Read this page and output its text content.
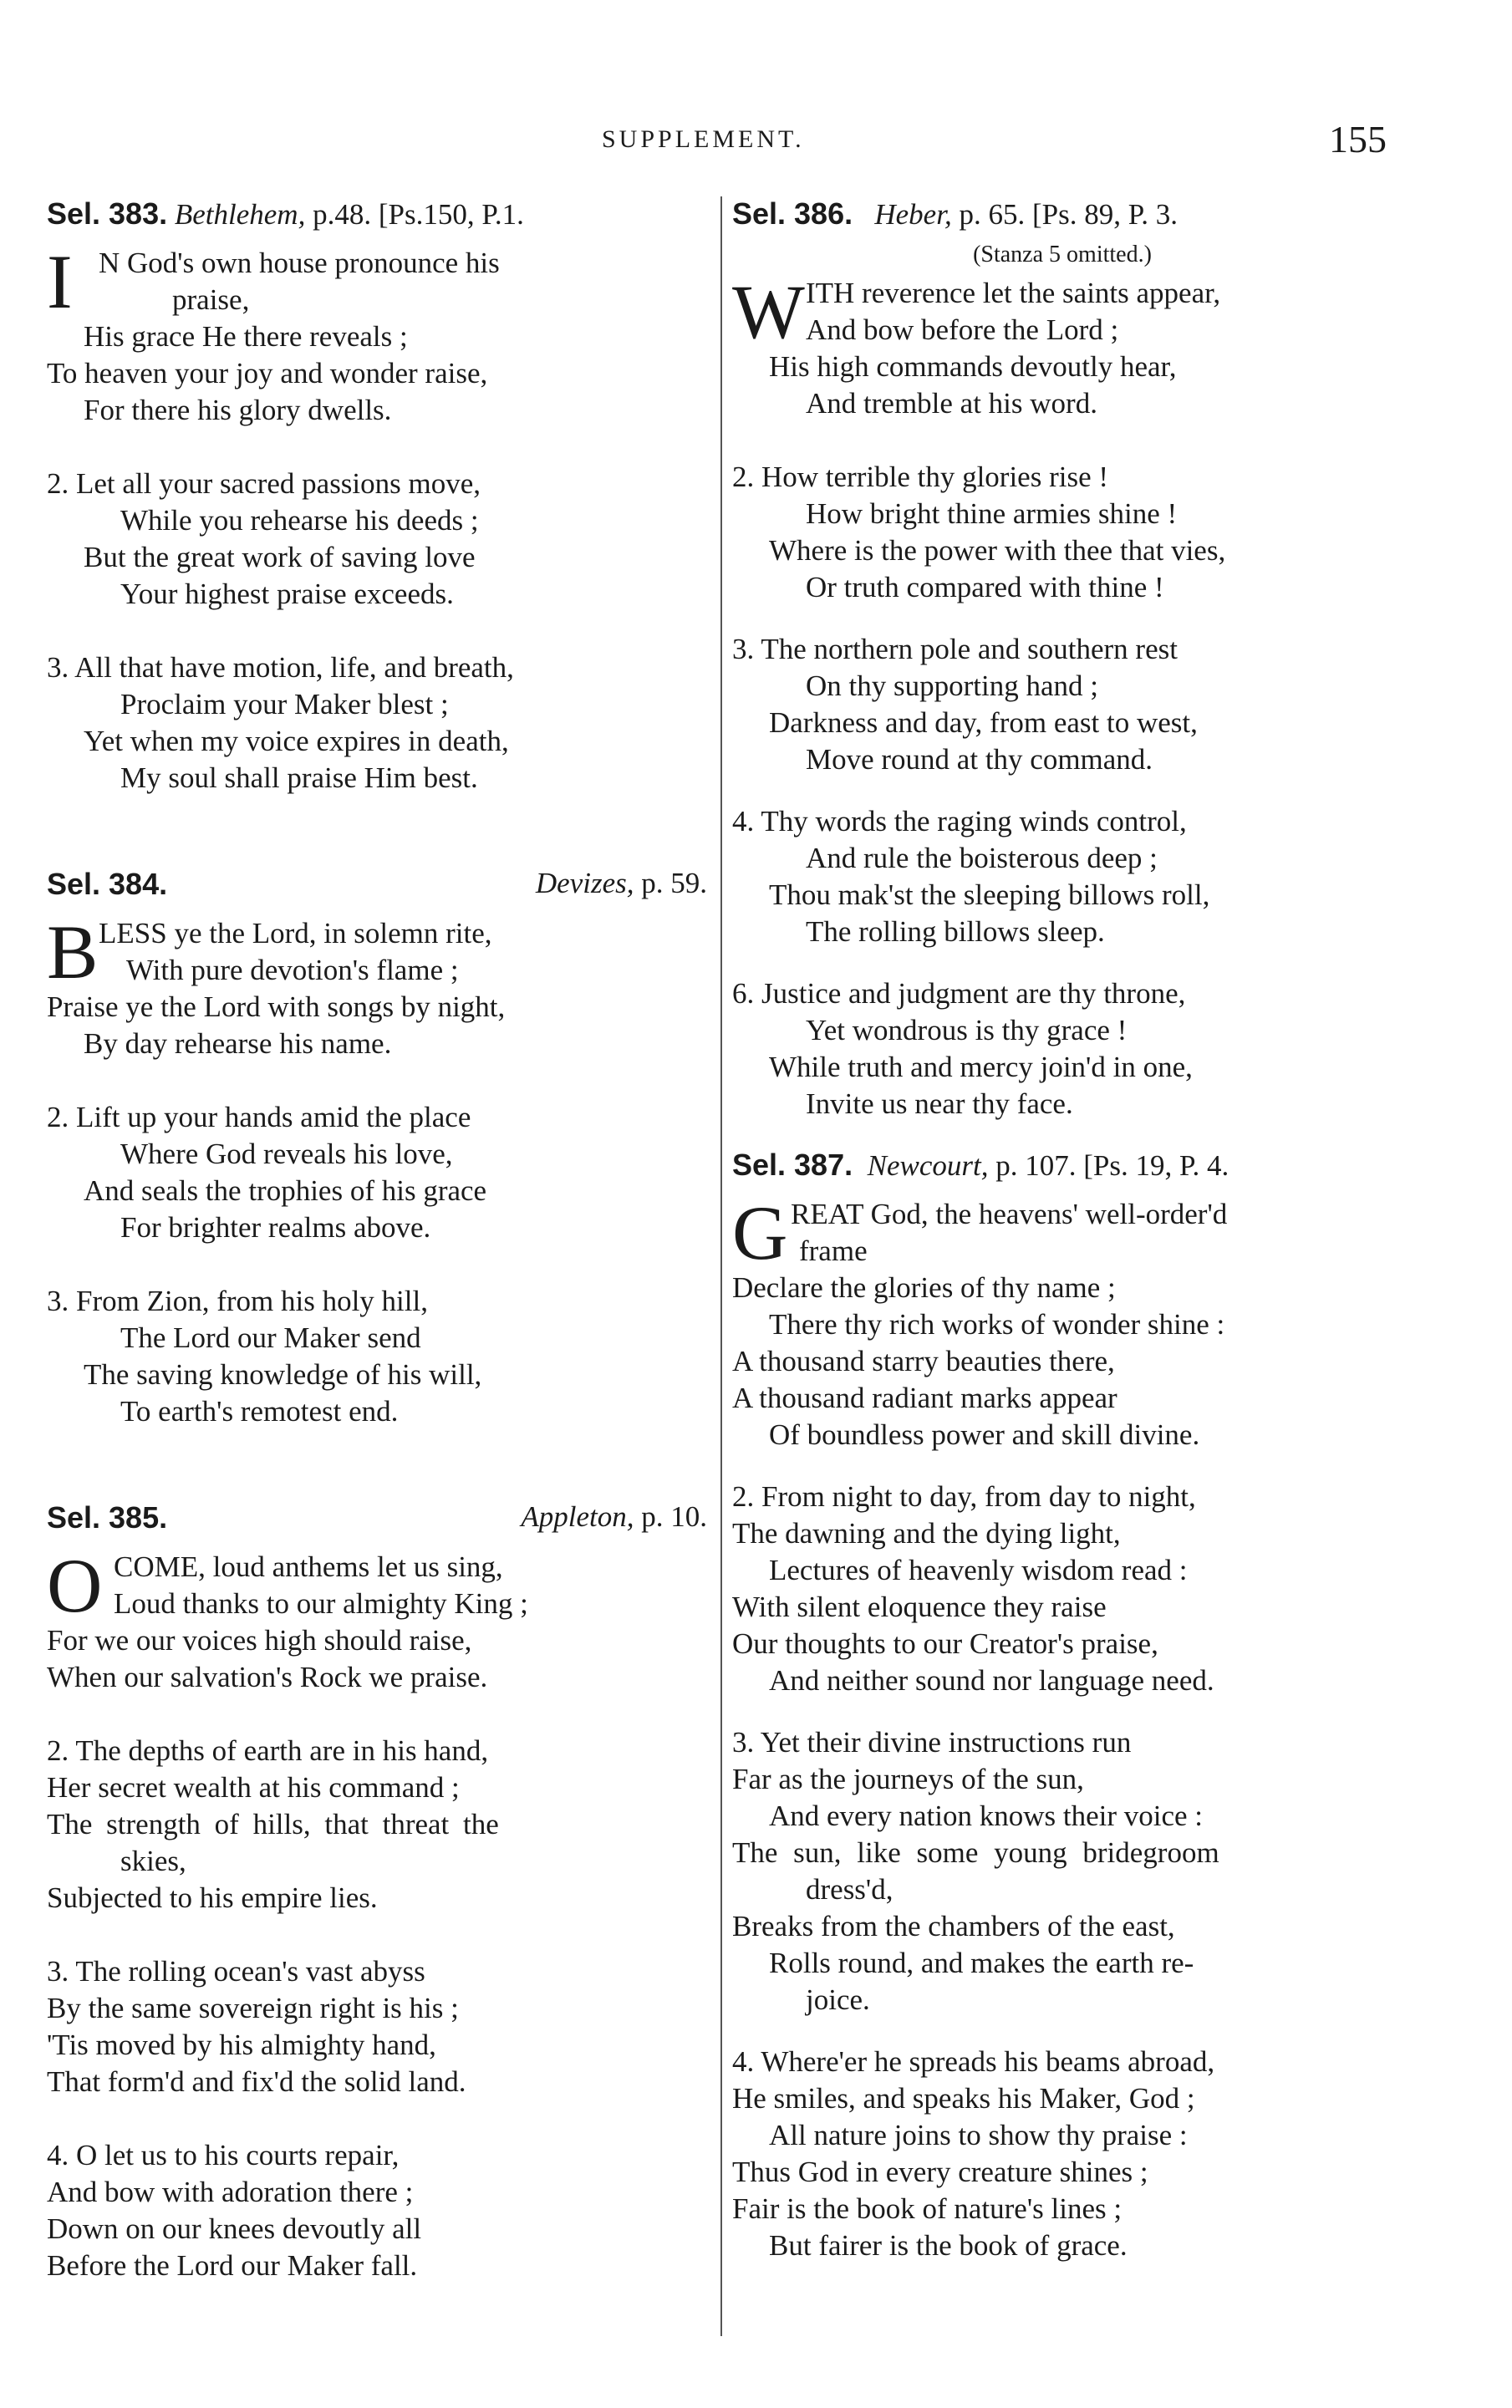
SUPPLEMENT.	155
Sel. 383. Bethlehem, p.48. [Ps.150, P.1.
I N God's own house pronounce his
praise,
His grace He there reveals ;
To heaven your joy and wonder raise,
For there his glory dwells.
2. Let all your sacred passions move,
While you rehearse his deeds ;
But the great work of saving love
Your highest praise exceeds.
3. All that have motion, life, and breath,
Proclaim your Maker blest ;
Yet when my voice expires in death,
My soul shall praise Him best.
Sel. 384.	Devizes, p. 59.
B LESS ye the Lord, in solemn rite,
With pure devotion's flame ;
Praise ye the Lord with songs by night,
By day rehearse his name.
2. Lift up your hands amid the place
Where God reveals his love,
And seals the trophies of his grace
For brighter realms above.
3. From Zion, from his holy hill,
The Lord our Maker send
The saving knowledge of his will,
To earth's remotest end.
Sel. 385.	Appleton, p. 10.
O COME, loud anthems let us sing,
Loud thanks to our almighty King ;
For we our voices high should raise,
When our salvation's Rock we praise.
2. The depths of earth are in his hand,
Her secret wealth at his command ;
The strength of hills, that threat the
skies,
Subjected to his empire lies.
3. The rolling ocean's vast abyss
By the same sovereign right is his ;
'Tis moved by his almighty hand,
That form'd and fix'd the solid land.
4. O let us to his courts repair,
And bow with adoration there ;
Down on our knees devoutly all
Before the Lord our Maker fall.
Sel. 386. Heber, p. 65. [Ps. 89, P. 3.
(Stanza 5 omitted.)
W ITH reverence let the saints appear,
And bow before the Lord ;
His high commands devoutly hear,
And tremble at his word.
2. How terrible thy glories rise !
How bright thine armies shine !
Where is the power with thee that vies,
Or truth compared with thine !
3. The northern pole and southern rest
On thy supporting hand ;
Darkness and day, from east to west,
Move round at thy command.
4. Thy words the raging winds control,
And rule the boisterous deep ;
Thou mak'st the sleeping billows roll,
The rolling billows sleep.
6. Justice and judgment are thy throne,
Yet wondrous is thy grace !
While truth and mercy join'd in one,
Invite us near thy face.
Sel. 387. Newcourt, p. 107. [Ps. 19, P. 4.
G REAT God, the heavens' well-order'd
frame
Declare the glories of thy name ;
There thy rich works of wonder shine :
A thousand starry beauties there,
A thousand radiant marks appear
Of boundless power and skill divine.
2. From night to day, from day to night,
The dawning and the dying light,
Lectures of heavenly wisdom read :
With silent eloquence they raise
Our thoughts to our Creator's praise,
And neither sound nor language need.
3. Yet their divine instructions run
Far as the journeys of the sun,
And every nation knows their voice :
The sun, like some young bridegroom
dress'd,
Breaks from the chambers of the east,
Rolls round, and makes the earth re-
joice.
4. Where'er he spreads his beams abroad,
He smiles, and speaks his Maker, God ;
All nature joins to show thy praise :
Thus God in every creature shines ;
Fair is the book of nature's lines ;
But fairer is the book of grace.
